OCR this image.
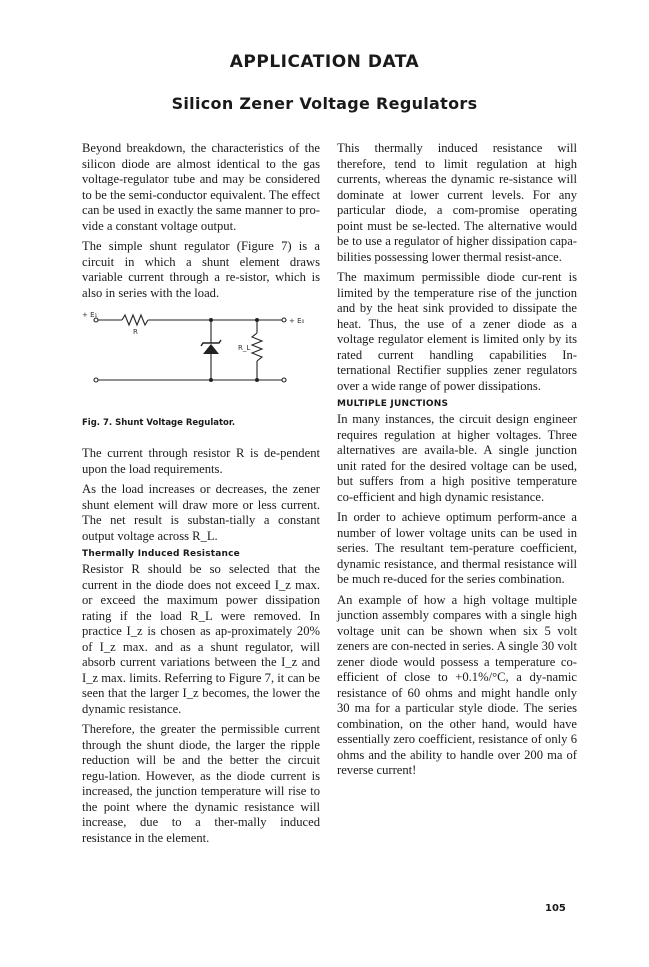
APPLICATION DATA
Silicon Zener Voltage Regulators

Beyond breakdown, the characteristics of the silicon diode are almost identical to the gas voltage-regulator tube and may be considered to be the semi-conductor equivalent. The effect can be used in exactly the same manner to pro-vide a constant voltage output.

The simple shunt regulator (Figure 7) is a circuit in which a shunt element draws variable current through a re-sistor, which is also in series with the load.

+ E₁
+ E₀
R
R_L
Fig. 7. Shunt Voltage Regulator.

The current through resistor R is de-pendent upon the load requirements.

As the load increases or decreases, the zener shunt element will draw more or less current. The net result is substan-tially a constant output voltage across R_L.

Thermally Induced Resistance

Resistor R should be so selected that the current in the diode does not exceed I_z max. or exceed the maximum power dissipation rating if the load R_L were removed. In practice I_z is chosen as ap-proximately 20% of I_z max. and as a shunt regulator, will absorb current variations between the I_z and I_z max. limits. Referring to Figure 7, it can be seen that the larger I_z becomes, the lower the dynamic resistance.

Therefore, the greater the permissible current through the shunt diode, the larger the ripple reduction will be and the better the circuit regu-lation. However, as the diode current is increased, the junction temperature will rise to the point where the dynamic resistance will increase, due to a ther-mally induced resistance in the element.

This thermally induced resistance will therefore, tend to limit regulation at high currents, whereas the dynamic re-sistance will dominate at lower current levels. For any particular diode, a com-promise operating point must be se-lected. The alternative would be to use a regulator of higher dissipation capa-bilities possessing lower thermal resist-ance.

The maximum permissible diode cur-rent is limited by the temperature rise of the junction and by the heat sink provided to dissipate the heat. Thus, the use of a zener diode as a voltage regulator element is limited only by its rated current handling capabilities In-ternational Rectifier supplies zener regulators over a wide range of power dissipations.

MULTIPLE JUNCTIONS

In many instances, the circuit design engineer requires regulation at higher voltages. Three alternatives are availa-ble. A single junction unit rated for the desired voltage can be used, but suffers from a high positive temperature co-efficient and high dynamic resistance.

In order to achieve optimum perform-ance a number of lower voltage units can be used in series. The resultant tem-perature coefficient, dynamic resistance, and thermal resistance will be much re-duced for the series combination.

An example of how a high voltage multiple junction assembly compares with a single high voltage unit can be shown when six 5 volt zeners are con-nected in series. A single 30 volt zener diode would possess a temperature co-efficient of close to +0.1%/°C, a dy-namic resistance of 60 ohms and might handle only 30 ma for a particular style diode. The series combination, on the other hand, would have essentially zero coefficient, resistance of only 6 ohms and the ability to handle over 200 ma of reverse current!

105
